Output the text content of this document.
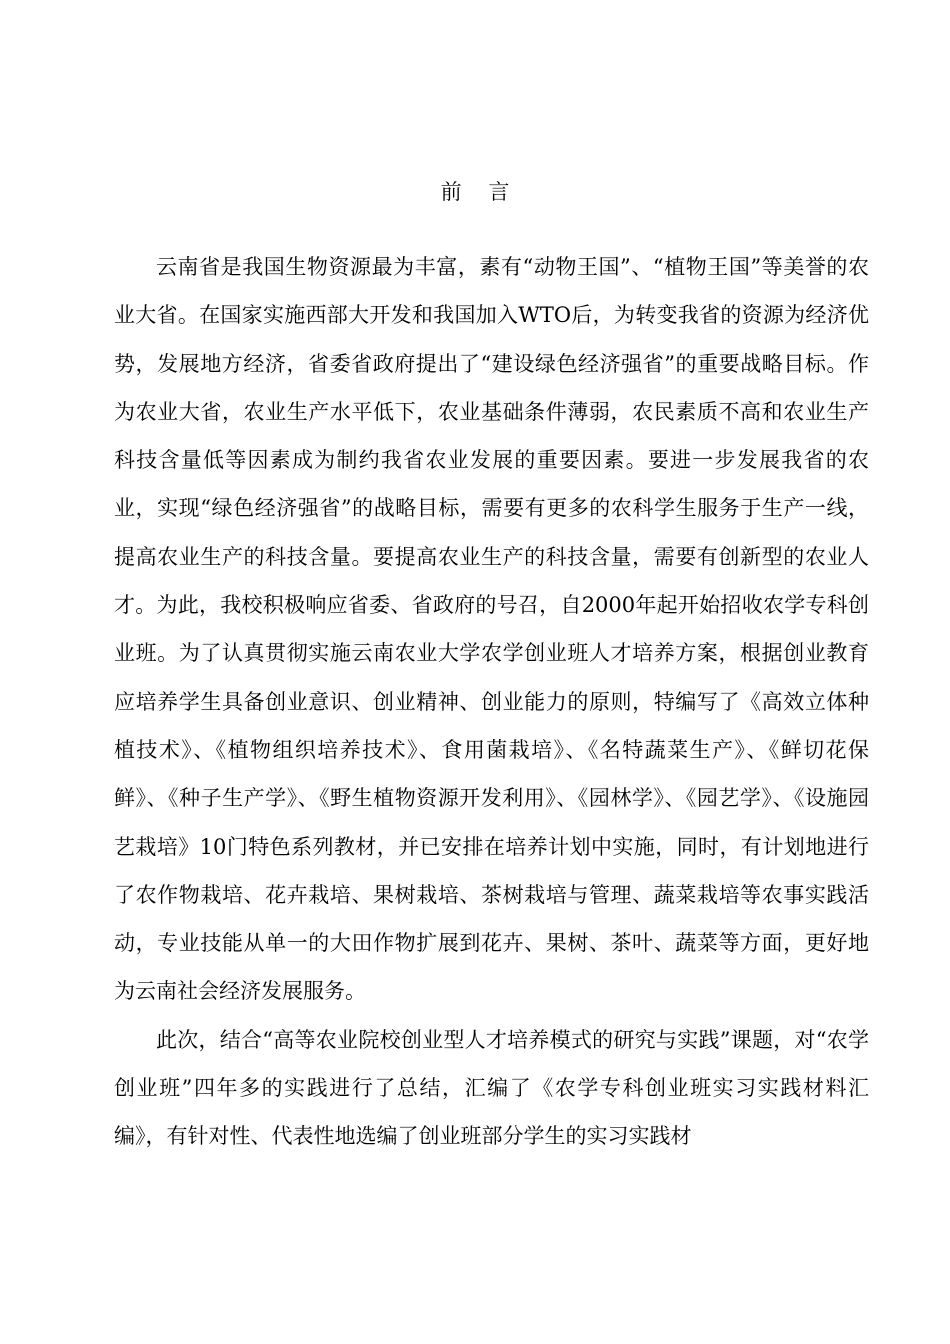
前    言

云南省是我国生物资源最为丰富，素有“动物王国”、“植物王国”等美誉的农业大省。在国家实施西部大开发和我国加入WTO后，为转变我省的资源为经济优势，发展地方经济，省委省政府提出了“建设绿色经济强省”的重要战略目标。作为农业大省，农业生产水平低下，农业基础条件薄弱，农民素质不高和农业生产科技含量低等因素成为制约我省农业发展的重要因素。要进一步发展我省的农业，实现“绿色经济强省”的战略目标，需要有更多的农科学生服务于生产一线，提高农业生产的科技含量。要提高农业生产的科技含量，需要有创新型的农业人才。为此，我校积极响应省委、省政府的号召，自2000年起开始招收农学专科创业班。为了认真贯彻实施云南农业大学农学创业班人才培养方案，根据创业教育应培养学生具备创业意识、创业精神、创业能力的原则，特编写了《高效立体种植技术》、《植物组织培养技术》、食用菌栽培》、《名特蔬菜生产》、《鲜切花保鲜》、《种子生产学》、《野生植物资源开发利用》、《园林学》、《园艺学》、《设施园艺栽培》10门特色系列教材，并已安排在培养计划中实施，同时，有计划地进行了农作物栽培、花卉栽培、果树栽培、茶树栽培与管理、蔬菜栽培等农事实践活动，专业技能从单一的大田作物扩展到花卉、果树、茶叶、蔬菜等方面，更好地为云南社会经济发展服务。

此次，结合“高等农业院校创业型人才培养模式的研究与实践”课题，对“农学创业班”四年多的实践进行了总结，汇编了《农学专科创业班实习实践材料汇编》，有针对性、代表性地选编了创业班部分学生的实习实践材
